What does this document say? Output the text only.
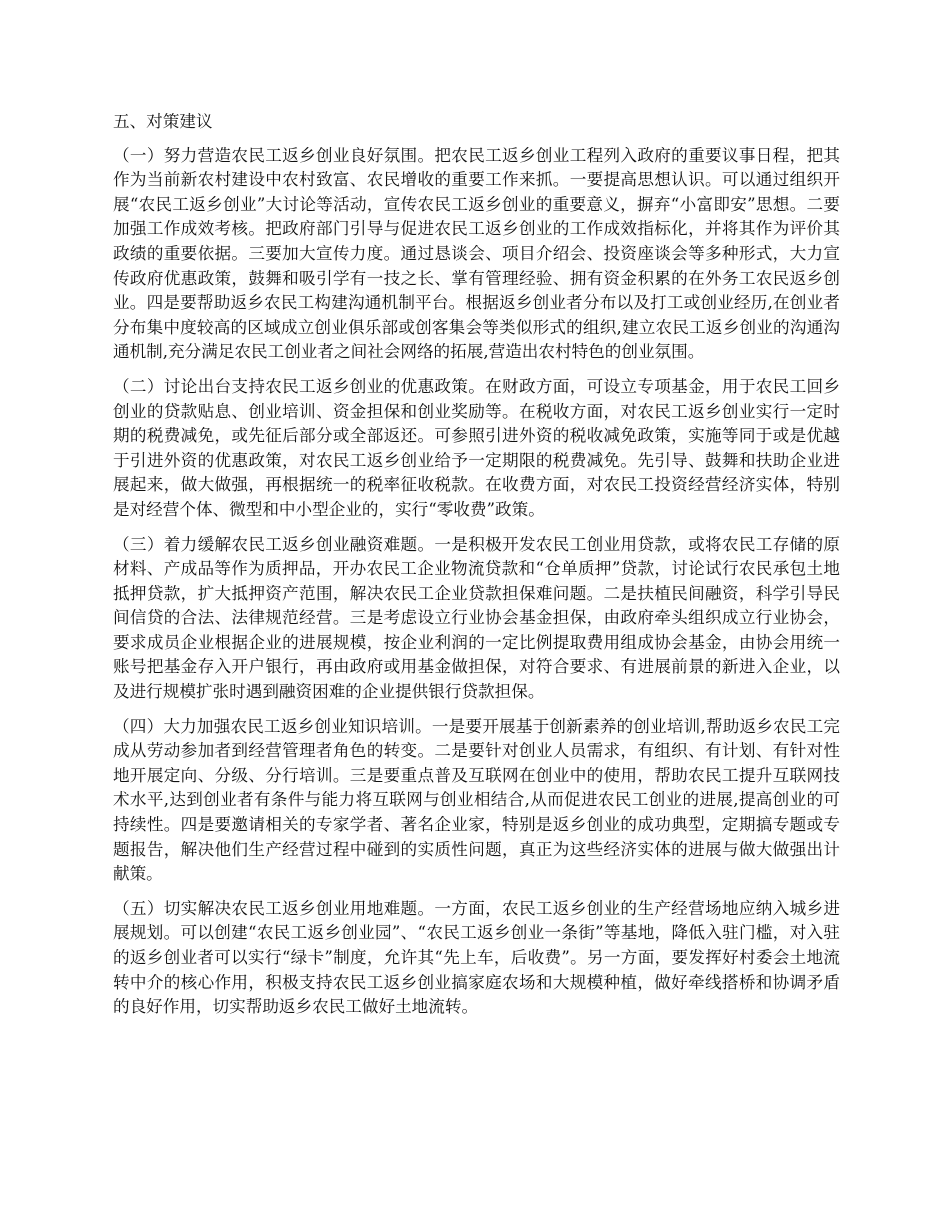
五、对策建议

（一）努力营造农民工返乡创业良好氛围。把农民工返乡创业工程列入政府的重要议事日程，把其作为当前新农村建设中农村致富、农民增收的重要工作来抓。一要提高思想认识。可以通过组织开展“农民工返乡创业”大讨论等活动，宣传农民工返乡创业的重要意义，摒弃“小富即安”思想。二要加强工作成效考核。把政府部门引导与促进农民工返乡创业的工作成效指标化，并将其作为评价其政绩的重要依据。三要加大宣传力度。通过恳谈会、项目介绍会、投资座谈会等多种形式，大力宣传政府优惠政策，鼓舞和吸引学有一技之长、掌有管理经验、拥有资金积累的在外务工农民返乡创业。四是要帮助返乡农民工构建沟通机制平台。根据返乡创业者分布以及打工或创业经历,在创业者分布集中度较高的区域成立创业俱乐部或创客集会等类似形式的组织,建立农民工返乡创业的沟通沟通机制,充分满足农民工创业者之间社会网络的拓展,营造出农村特色的创业氛围。

（二）讨论出台支持农民工返乡创业的优惠政策。在财政方面，可设立专项基金，用于农民工回乡创业的贷款贴息、创业培训、资金担保和创业奖励等。在税收方面，对农民工返乡创业实行一定时期的税费减免，或先征后部分或全部返还。可参照引进外资的税收减免政策，实施等同于或是优越于引进外资的优惠政策，对农民工返乡创业给予一定期限的税费减免。先引导、鼓舞和扶助企业进展起来，做大做强，再根据统一的税率征收税款。在收费方面，对农民工投资经营经济实体，特别是对经营个体、微型和中小型企业的，实行“零收费”政策。

（三）着力缓解农民工返乡创业融资难题。一是积极开发农民工创业用贷款，或将农民工存储的原材料、产成品等作为质押品，开办农民工企业物流贷款和“仓单质押”贷款，讨论试行农民承包土地抵押贷款，扩大抵押资产范围，解决农民工企业贷款担保难问题。二是扶植民间融资，科学引导民间信贷的合法、法律规范经营。三是考虑设立行业协会基金担保，由政府牵头组织成立行业协会，要求成员企业根据企业的进展规模，按企业利润的一定比例提取费用组成协会基金，由协会用统一账号把基金存入开户银行，再由政府或用基金做担保，对符合要求、有进展前景的新进入企业，以及进行规模扩张时遇到融资困难的企业提供银行贷款担保。

（四）大力加强农民工返乡创业知识培训。一是要开展基于创新素养的创业培训,帮助返乡农民工完成从劳动参加者到经营管理者角色的转变。二是要针对创业人员需求，有组织、有计划、有针对性地开展定向、分级、分行培训。三是要重点普及互联网在创业中的使用，帮助农民工提升互联网技术水平,达到创业者有条件与能力将互联网与创业相结合,从而促进农民工创业的进展,提高创业的可持续性。四是要邀请相关的专家学者、著名企业家，特别是返乡创业的成功典型，定期搞专题或专题报告，解决他们生产经营过程中碰到的实质性问题，真正为这些经济实体的进展与做大做强出计献策。

（五）切实解决农民工返乡创业用地难题。一方面，农民工返乡创业的生产经营场地应纳入城乡进展规划。可以创建“农民工返乡创业园”、“农民工返乡创业一条街”等基地，降低入驻门槛，对入驻的返乡创业者可以实行“绿卡”制度，允许其“先上车，后收费”。另一方面，要发挥好村委会土地流转中介的核心作用，积极支持农民工返乡创业搞家庭农场和大规模种植，做好牵线搭桥和协调矛盾的良好作用，切实帮助返乡农民工做好土地流转。
